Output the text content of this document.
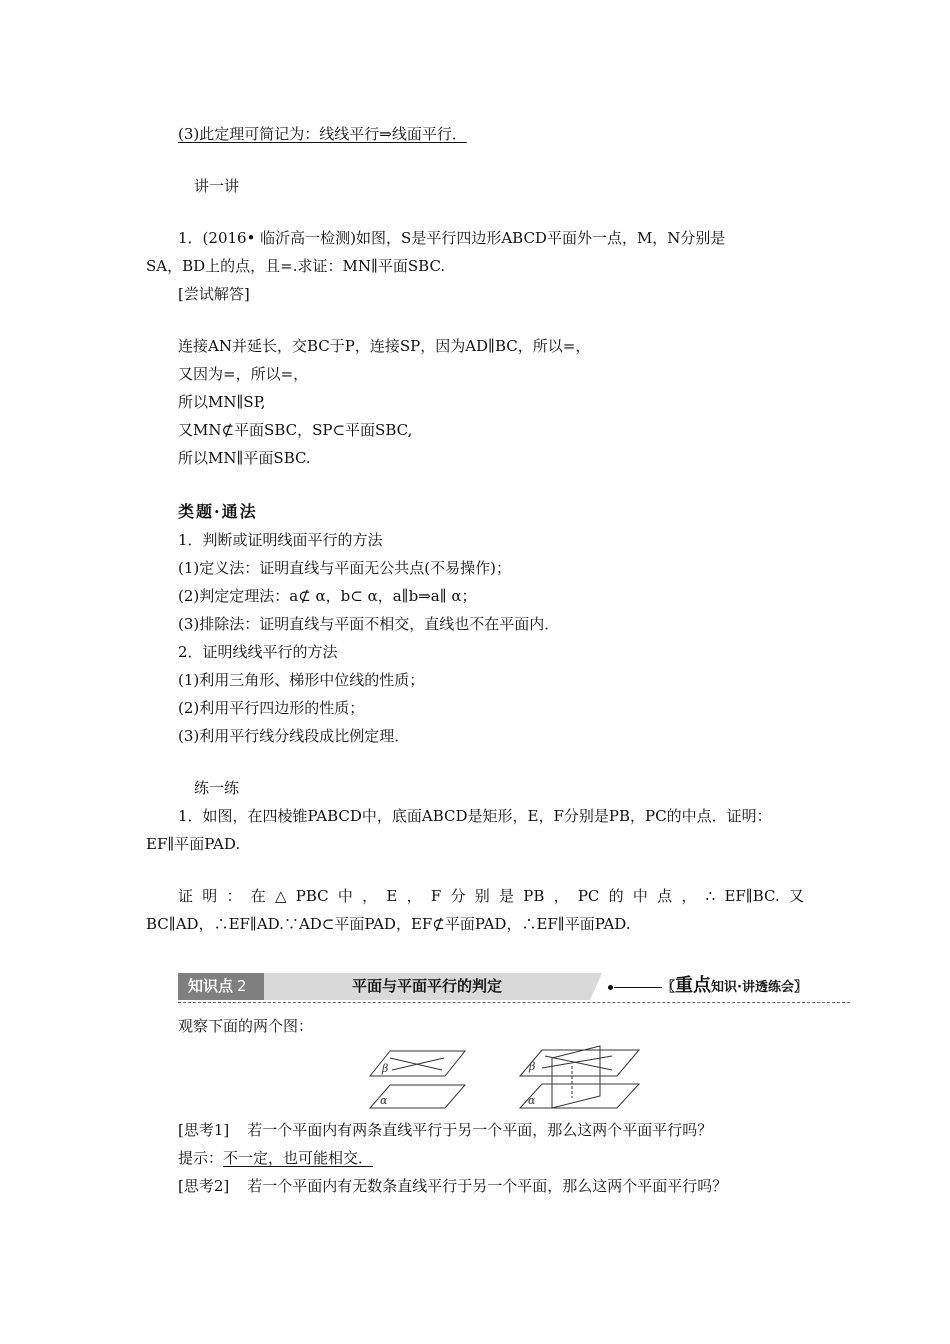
(3)此定理可简记为：线线平行⇒线面平行．
讲一讲
1．(2016• 临沂高一检测)如图，S是平行四边形ABCD平面外一点，M，N分别是
SA，BD上的点，且=.求证：MN∥平面SBC.
[尝试解答]
连接AN并延长，交BC于P，连接SP，因为AD∥BC，所以=，
又因为=，所以=，
所以MN∥SP,
又MN⊄平面SBC，SP⊂平面SBC,
所以MN∥平面SBC.
类题·通法
1．判断或证明线面平行的方法
(1)定义法：证明直线与平面无公共点(不易操作)；
(2)判定定理法：a⊄ α，b⊂ α，a∥b⇒a∥ α；
(3)排除法：证明直线与平面不相交，直线也不在平面内．
2．证明线线平行的方法
(1)利用三角形、梯形中位线的性质；
(2)利用平行四边形的性质；
(3)利用平行线分线段成比例定理．
练一练
1．如图，在四棱锥PABCD中，底面ABCD是矩形，E，F分别是PB，PC的中点．证明：
EF∥平面PAD.
证 明 ： 在 △ PBC 中 ， E ， F 分 别 是 PB ， PC 的 中 点 ， ∴ EF∥BC. 又
BC∥AD，∴EF∥AD.∵AD⊂平面PAD，EF⊄平面PAD，∴EF∥平面PAD.
知识点 2	平面与平面平行的判定	〖重点知识·讲透练会〗
观察下面的两个图：
β
α
β
α
[思考1] 若一个平面内有两条直线平行于另一个平面，那么这两个平面平行吗？
提示：不一定，也可能相交．
[思考2] 若一个平面内有无数条直线平行于另一个平面，那么这两个平面平行吗？
